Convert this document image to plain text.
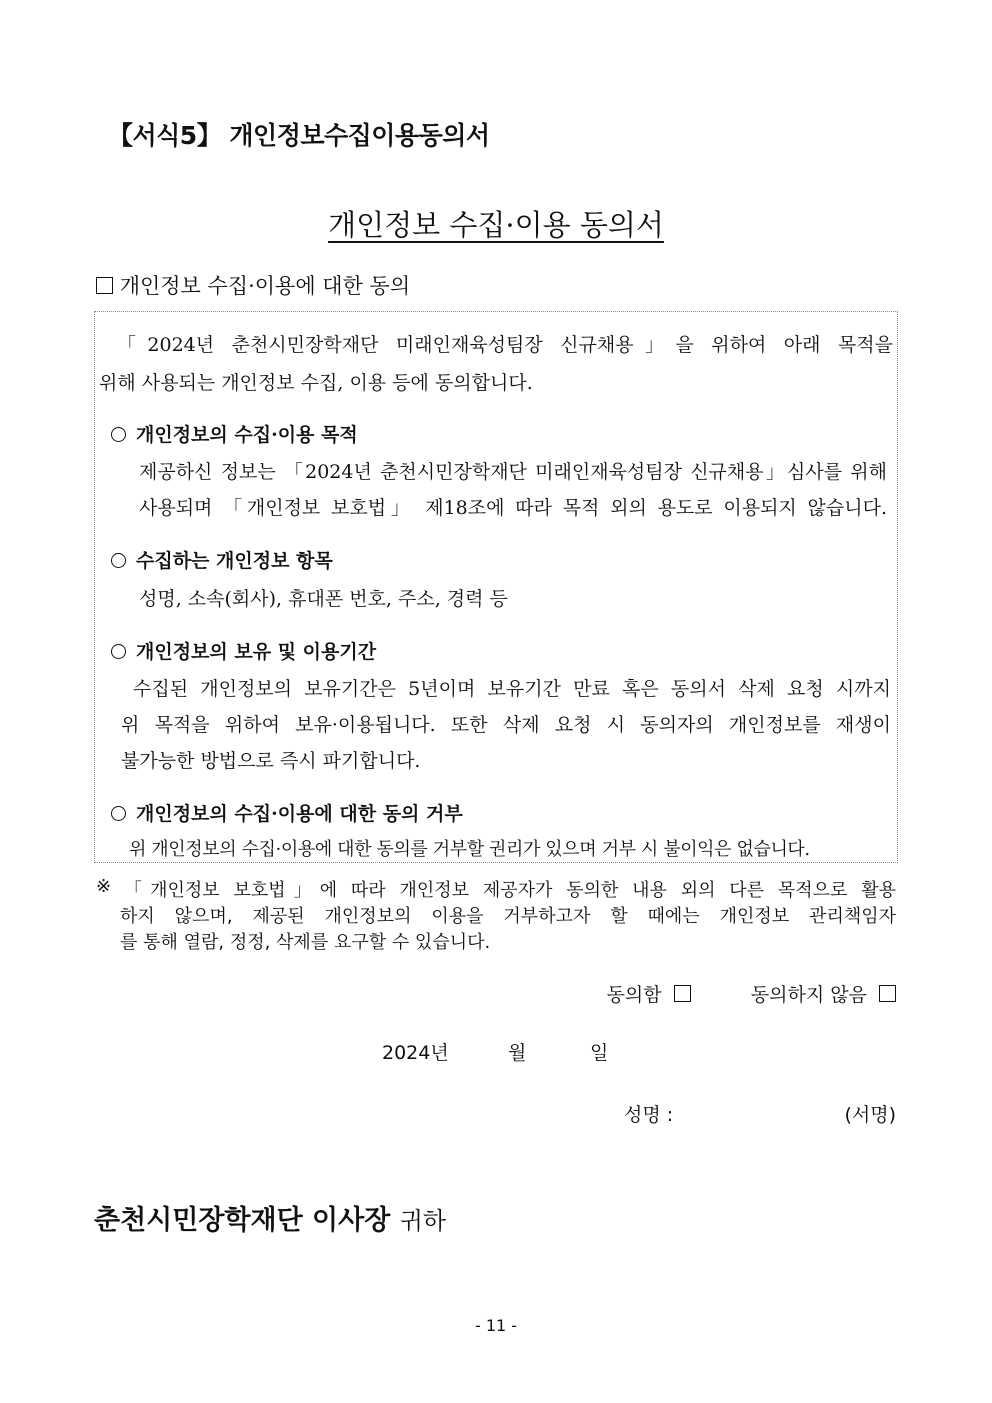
【서식5】 개인정보수집이용동의서
개인정보 수집·이용 동의서
개인정보 수집·이용에 대한 동의
「2024년 춘천시민장학재단 미래인재육성팀장 신규채용」을 위하여 아래 목적을
위해 사용되는 개인정보 수집, 이용 등에 동의합니다.
개인정보의 수집·이용 목적
제공하신 정보는 「2024년 춘천시민장학재단 미래인재육성팀장 신규채용」심사를 위해
사용되며 「개인정보 보호법」 제18조에 따라 목적 외의 용도로 이용되지 않습니다.
수집하는 개인정보 항목
성명, 소속(회사), 휴대폰 번호, 주소, 경력 등
개인정보의 보유 및 이용기간
수집된 개인정보의 보유기간은 5년이며 보유기간 만료 혹은 동의서 삭제 요청 시까지
위 목적을 위하여 보유·이용됩니다. 또한 삭제 요청 시 동의자의 개인정보를 재생이
불가능한 방법으로 즉시 파기합니다.
개인정보의 수집·이용에 대한 동의 거부
위 개인정보의 수집·이용에 대한 동의를 거부할 권리가 있으며 거부 시 불이익은 없습니다.
※ 「개인정보 보호법」에 따라 개인정보 제공자가 동의한 내용 외의 다른 목적으로 활용
하지 않으며, 제공된 개인정보의 이용을 거부하고자 할 때에는 개인정보 관리책임자
를 통해 열람, 정정, 삭제를 요구할 수 있습니다.
동의함	동의하지 않음
2024년	월	일
성명 :	(서명)
춘천시민장학재단 이사장 귀하
- 11 -
